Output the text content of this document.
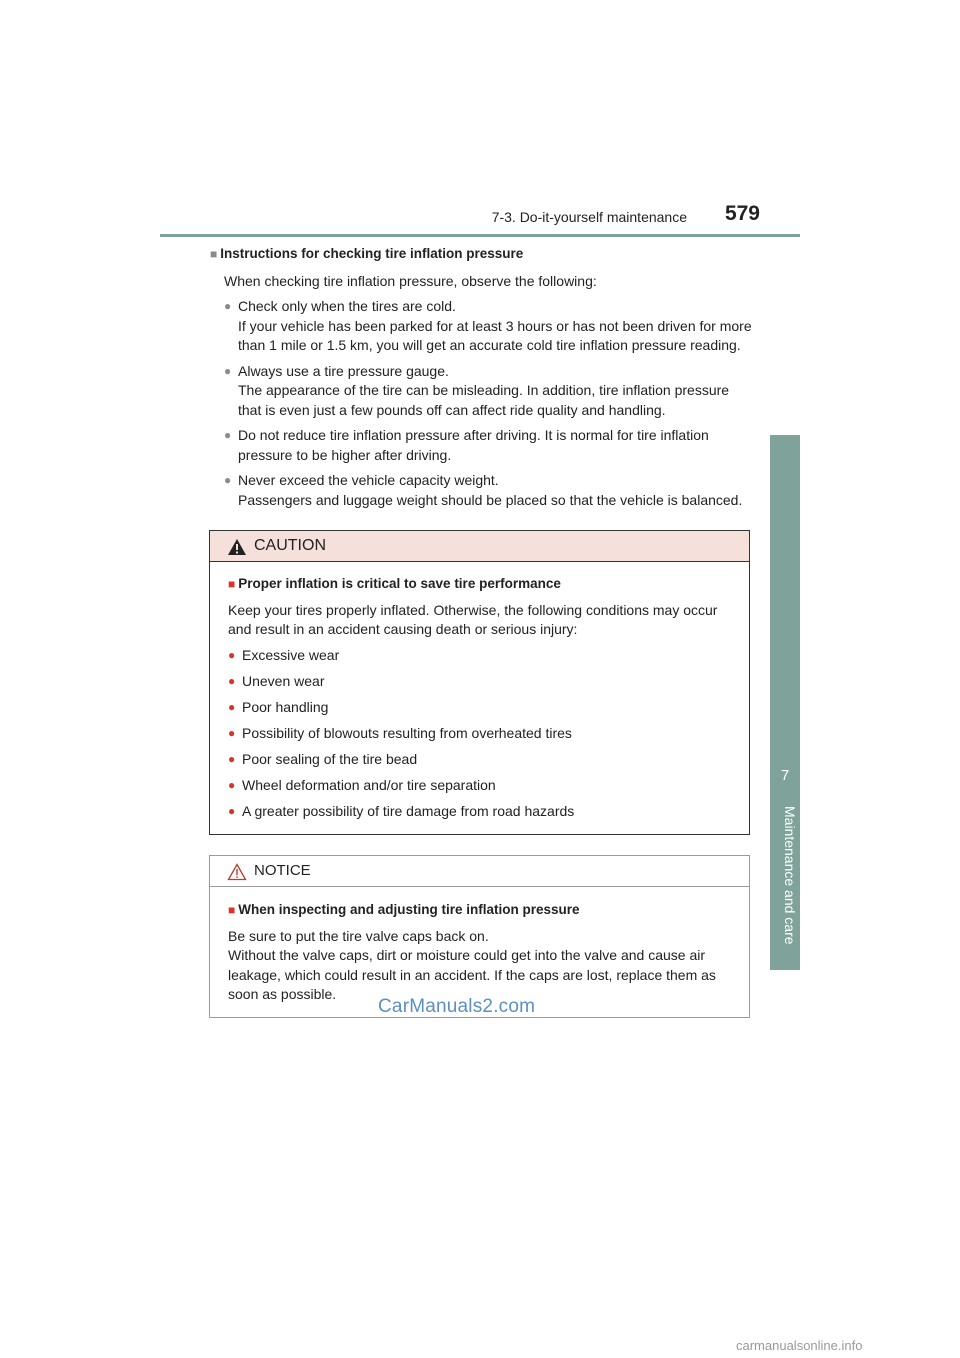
7-3. Do-it-yourself maintenance 579
7
Maintenance and care
■ Instructions for checking tire inflation pressure
When checking tire inflation pressure, observe the following:
● Check only when the tires are cold.
If your vehicle has been parked for at least 3 hours or has not been driven for more than 1 mile or 1.5 km, you will get an accurate cold tire inflation pressure reading.
● Always use a tire pressure gauge.
The appearance of the tire can be misleading. In addition, tire inflation pressure that is even just a few pounds off can affect ride quality and handling.
● Do not reduce tire inflation pressure after driving. It is normal for tire inflation pressure to be higher after driving.
● Never exceed the vehicle capacity weight.
Passengers and luggage weight should be placed so that the vehicle is balanced.
CAUTION
■ Proper inflation is critical to save tire performance
Keep your tires properly inflated. Otherwise, the following conditions may occur and result in an accident causing death or serious injury:
● Excessive wear
● Uneven wear
● Poor handling
● Possibility of blowouts resulting from overheated tires
● Poor sealing of the tire bead
● Wheel deformation and/or tire separation
● A greater possibility of tire damage from road hazards
NOTICE
■ When inspecting and adjusting tire inflation pressure
Be sure to put the tire valve caps back on.
Without the valve caps, dirt or moisture could get into the valve and cause air leakage, which could result in an accident. If the caps are lost, replace them as soon as possible.
CarManuals2.com
carmanualsonline.info
